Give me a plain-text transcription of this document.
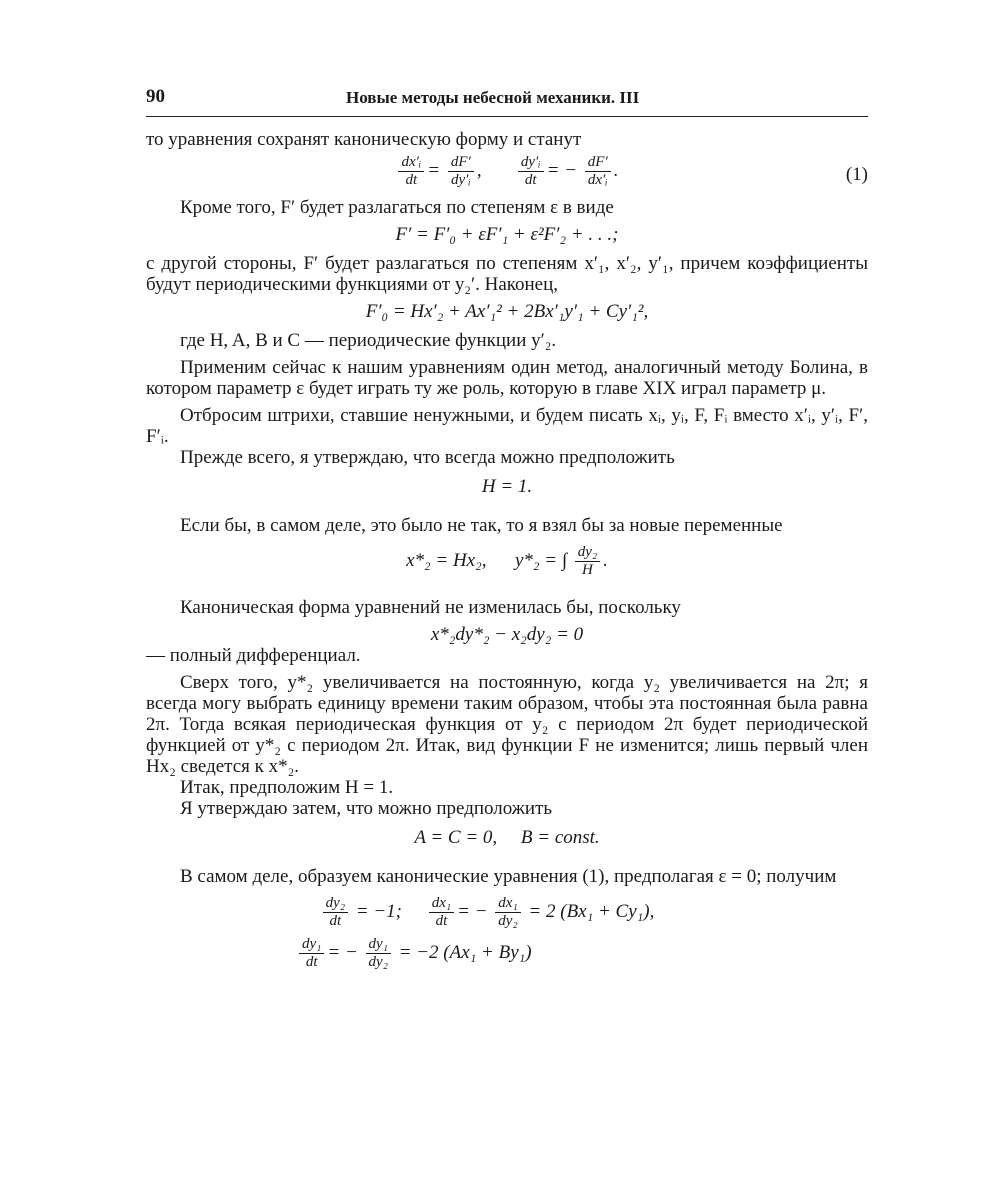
90	Новые методы небесной механики. III

то уравнения сохранят каноническую форму и станут

$\frac{\text{dx′ᵢ}}{dt} = \frac{dF'}{\text{dy′ᵢ}}$ , $\frac{\text{dy′ᵢ}}{dt}$ = − $\frac{dF'}{\text{dx′ᵢ}}$ .	(1)

Кроме того, F′ будет разлагаться по степеням ε в виде

F′ = F′₀ + εF′₁ + ε²F′₂ + . . .;

с другой стороны, F′ будет разлагаться по степеням x′₁, x′₂, y′₁, причем коэффициенты будут периодическими функциями от y₂′. Наконец,

F′₀ = Hx′₂ + Ax′₁² + 2Bx′₁y′₁ + Cy′₁²,

где H, A, B и C — периодические функции y′₂.

Применим сейчас к нашим уравнениям один метод, аналогичный методу Болина, в котором параметр ε будет играть ту же роль, которую в главе XIX играл параметр μ.

Отбросим штрихи, ставшие ненужными, и будем писать xᵢ, yᵢ, F, Fᵢ вместо x′ᵢ, y′ᵢ, F′, F′ᵢ.

Прежде всего, я утверждаю, что всегда можно предположить

H = 1.

Если бы, в самом деле, это было не так, то я взял бы за новые переменные

x*₂ = Hx₂, y*₂ = ∫ $\frac{\text{dy₂}}{H}$ .

Каноническая форма уравнений не изменилась бы, поскольку

x*₂dy*₂ − x₂dy₂ = 0

— полный дифференциал.

Сверх того, y*₂ увеличивается на постоянную, когда y₂ увеличивается на 2π; я всегда могу выбрать единицу времени таким образом, чтобы эта постоянная была равна 2π. Тогда всякая периодическая функция от y₂ с периодом 2π будет периодической функцией от y*₂ с периодом 2π. Итак, вид функции F не изменится; лишь первый член Hx₂ сведется к x*₂.

Итак, предположим H = 1.

Я утверждаю затем, что можно предположить

A = C = 0,     B = const.

В самом деле, образуем канонические уравнения (1), предполагая ε = 0; получим

$\frac{\text{dy₂}}{dt} = -1$; $\frac{\text{dx₁}}{dt}$ = − $\frac{\text{dx₁}}{\text{dy₂}} = 2$ (Bx₁ + Cy₁),
$\frac{\text{dy₁}}{dt}$ = − $\frac{\text{dy₁}}{\text{dy₂}} = -2$ (Ax₁ + By₁)
